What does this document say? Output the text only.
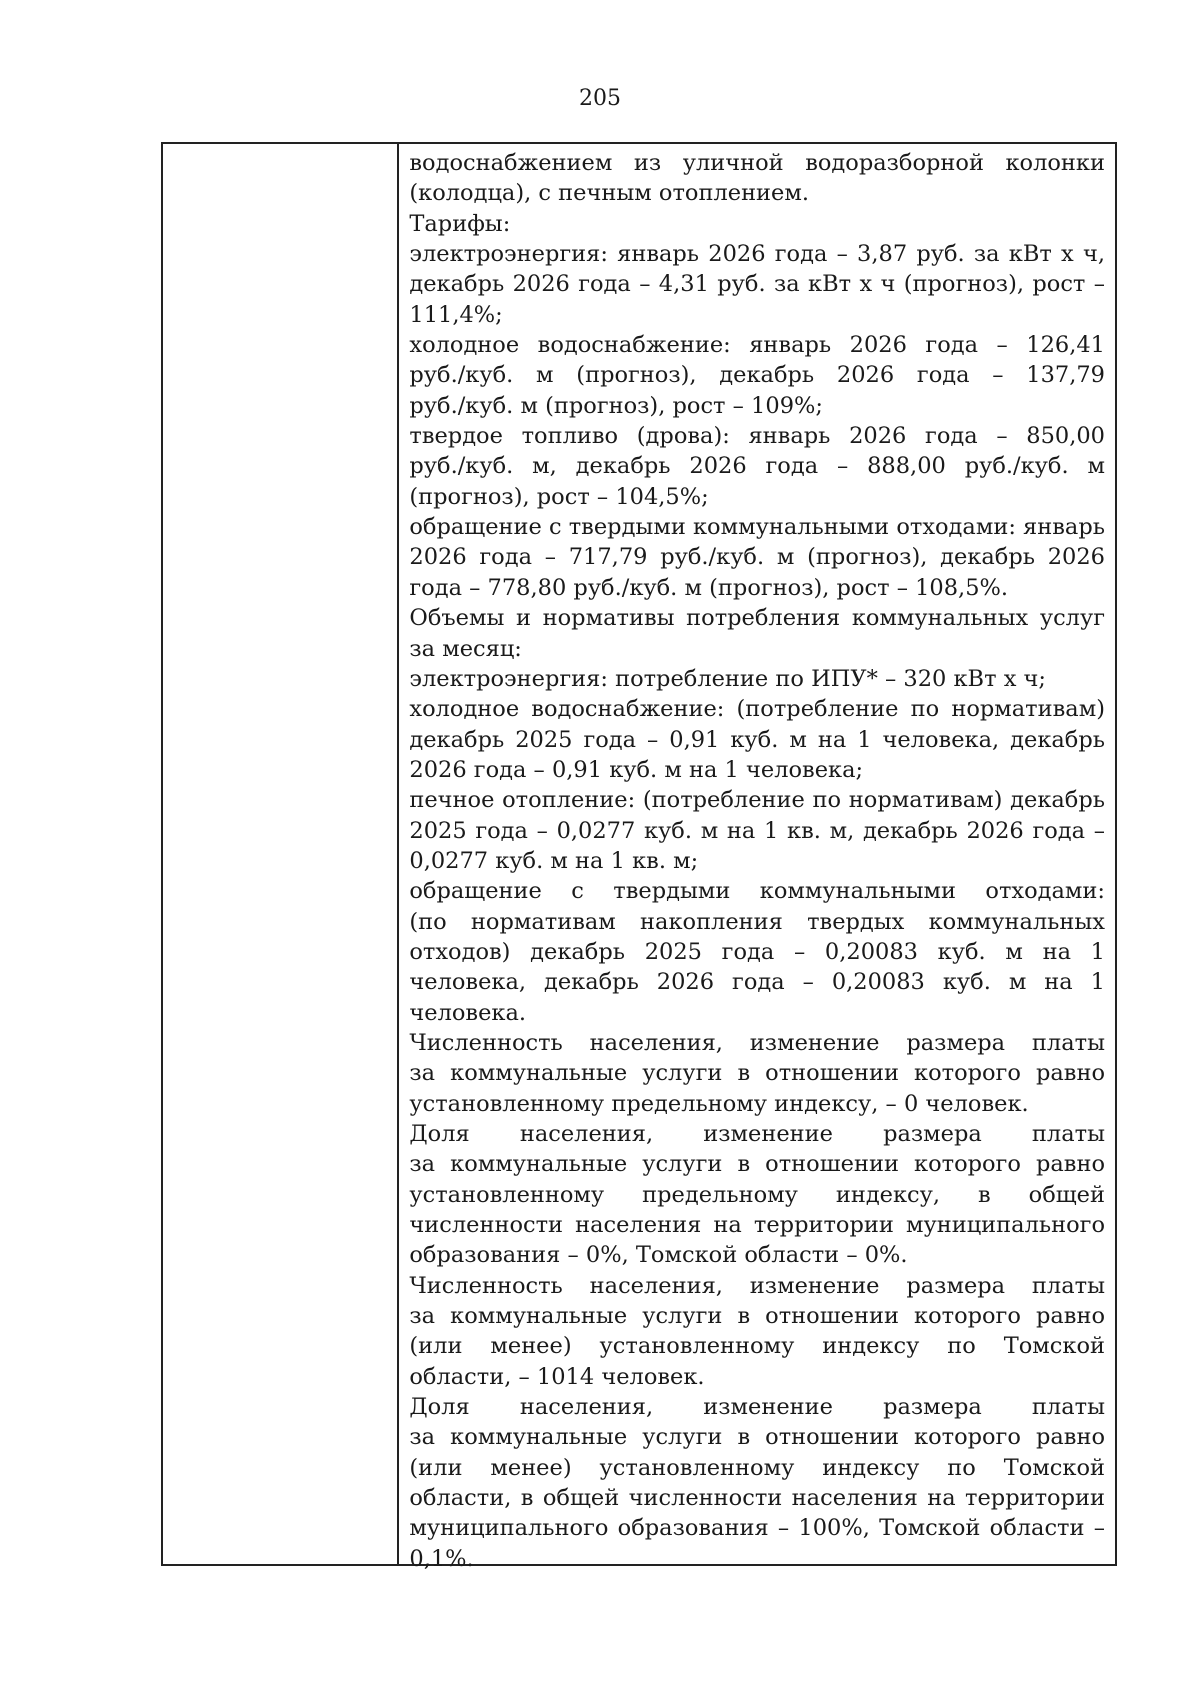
205
водоснабжением из уличной водоразборной колонки
(колодца), с печным отоплением.
Тарифы:
электроэнергия: январь 2026 года – 3,87 руб. за кВт х ч,
декабрь 2026 года – 4,31 руб. за кВт х ч (прогноз), рост –
111,4%;
холодное водоснабжение: январь 2026 года – 126,41
руб./куб. м (прогноз), декабрь 2026 года – 137,79
руб./куб. м (прогноз), рост – 109%;
твердое топливо (дрова): январь 2026 года – 850,00
руб./куб. м, декабрь 2026 года – 888,00 руб./куб. м
(прогноз), рост – 104,5%;
обращение с твердыми коммунальными отходами: январь
2026 года – 717,79 руб./куб. м (прогноз), декабрь 2026
года – 778,80 руб./куб. м (прогноз), рост – 108,5%.
Объемы и нормативы потребления коммунальных услуг
за месяц:
электроэнергия: потребление по ИПУ* – 320 кВт х ч;
холодное водоснабжение: (потребление по нормативам)
декабрь 2025 года – 0,91 куб. м на 1 человека, декабрь
2026 года – 0,91 куб. м на 1 человека;
печное отопление: (потребление по нормативам) декабрь
2025 года – 0,0277 куб. м на 1 кв. м, декабрь 2026 года –
0,0277 куб. м на 1 кв. м;
обращение с твердыми коммунальными отходами:
(по нормативам накопления твердых коммунальных
отходов) декабрь 2025 года – 0,20083 куб. м на 1
человека, декабрь 2026 года – 0,20083 куб. м на 1
человека.
Численность населения, изменение размера платы
за коммунальные услуги в отношении которого равно
установленному предельному индексу, – 0 человек.
Доля населения, изменение размера платы
за коммунальные услуги в отношении которого равно
установленному предельному индексу, в общей
численности населения на территории муниципального
образования – 0%, Томской области – 0%.
Численность населения, изменение размера платы
за коммунальные услуги в отношении которого равно
(или менее) установленному индексу по Томской
области, – 1014 человек.
Доля населения, изменение размера платы
за коммунальные услуги в отношении которого равно
(или менее) установленному индексу по Томской
области, в общей численности населения на территории
муниципального образования – 100%, Томской области –
0,1%.
